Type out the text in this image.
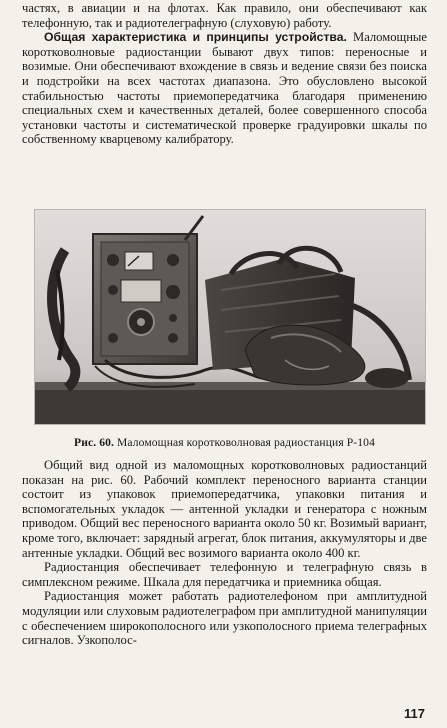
частях, в авиации и на флотах. Как правило, они обеспечивают как телефонную, так и радиотелеграфную (слуховую) работу.

Общая характеристика и принципы устройства. Маломощные коротковолновые радиостанции бывают двух типов: переносные и возимые. Они обеспечивают вхождение в связь и ведение связи без поиска и подстройки на всех частотах диапазона. Это обусловлено высокой стабильностью частоты приемопередатчика благодаря применению специальных схем и качественных деталей, более совершенного способа установки частоты и систематической проверке градуировки шкалы по собственному кварцевому калибратору.

Рис. 60. Маломощная коротковолновая радиостанция Р-104

Общий вид одной из маломощных коротковолновых радиостанций показан на рис. 60. Рабочий комплект переносного варианта станции состоит из упаковок приемопередатчика, упаковки питания и вспомогательных укладок — антенной укладки и генератора с ножным приводом. Общий вес переносного варианта около 50 кг. Возимый вариант, кроме того, включает: зарядный агрегат, блок питания, аккумуляторы и две антенные укладки. Общий вес возимого варианта около 400 кг.

Радиостанция обеспечивает телефонную и телеграфную связь в симплексном режиме. Шкала для передатчика и приемника общая.

Радиостанция может работать радиотелефоном при амплитудной модуляции или слуховым радиотелеграфом при амплитудной манипуляции с обеспечением широкополосного или узкополосного приема телеграфных сигналов. Узкополос-

117
